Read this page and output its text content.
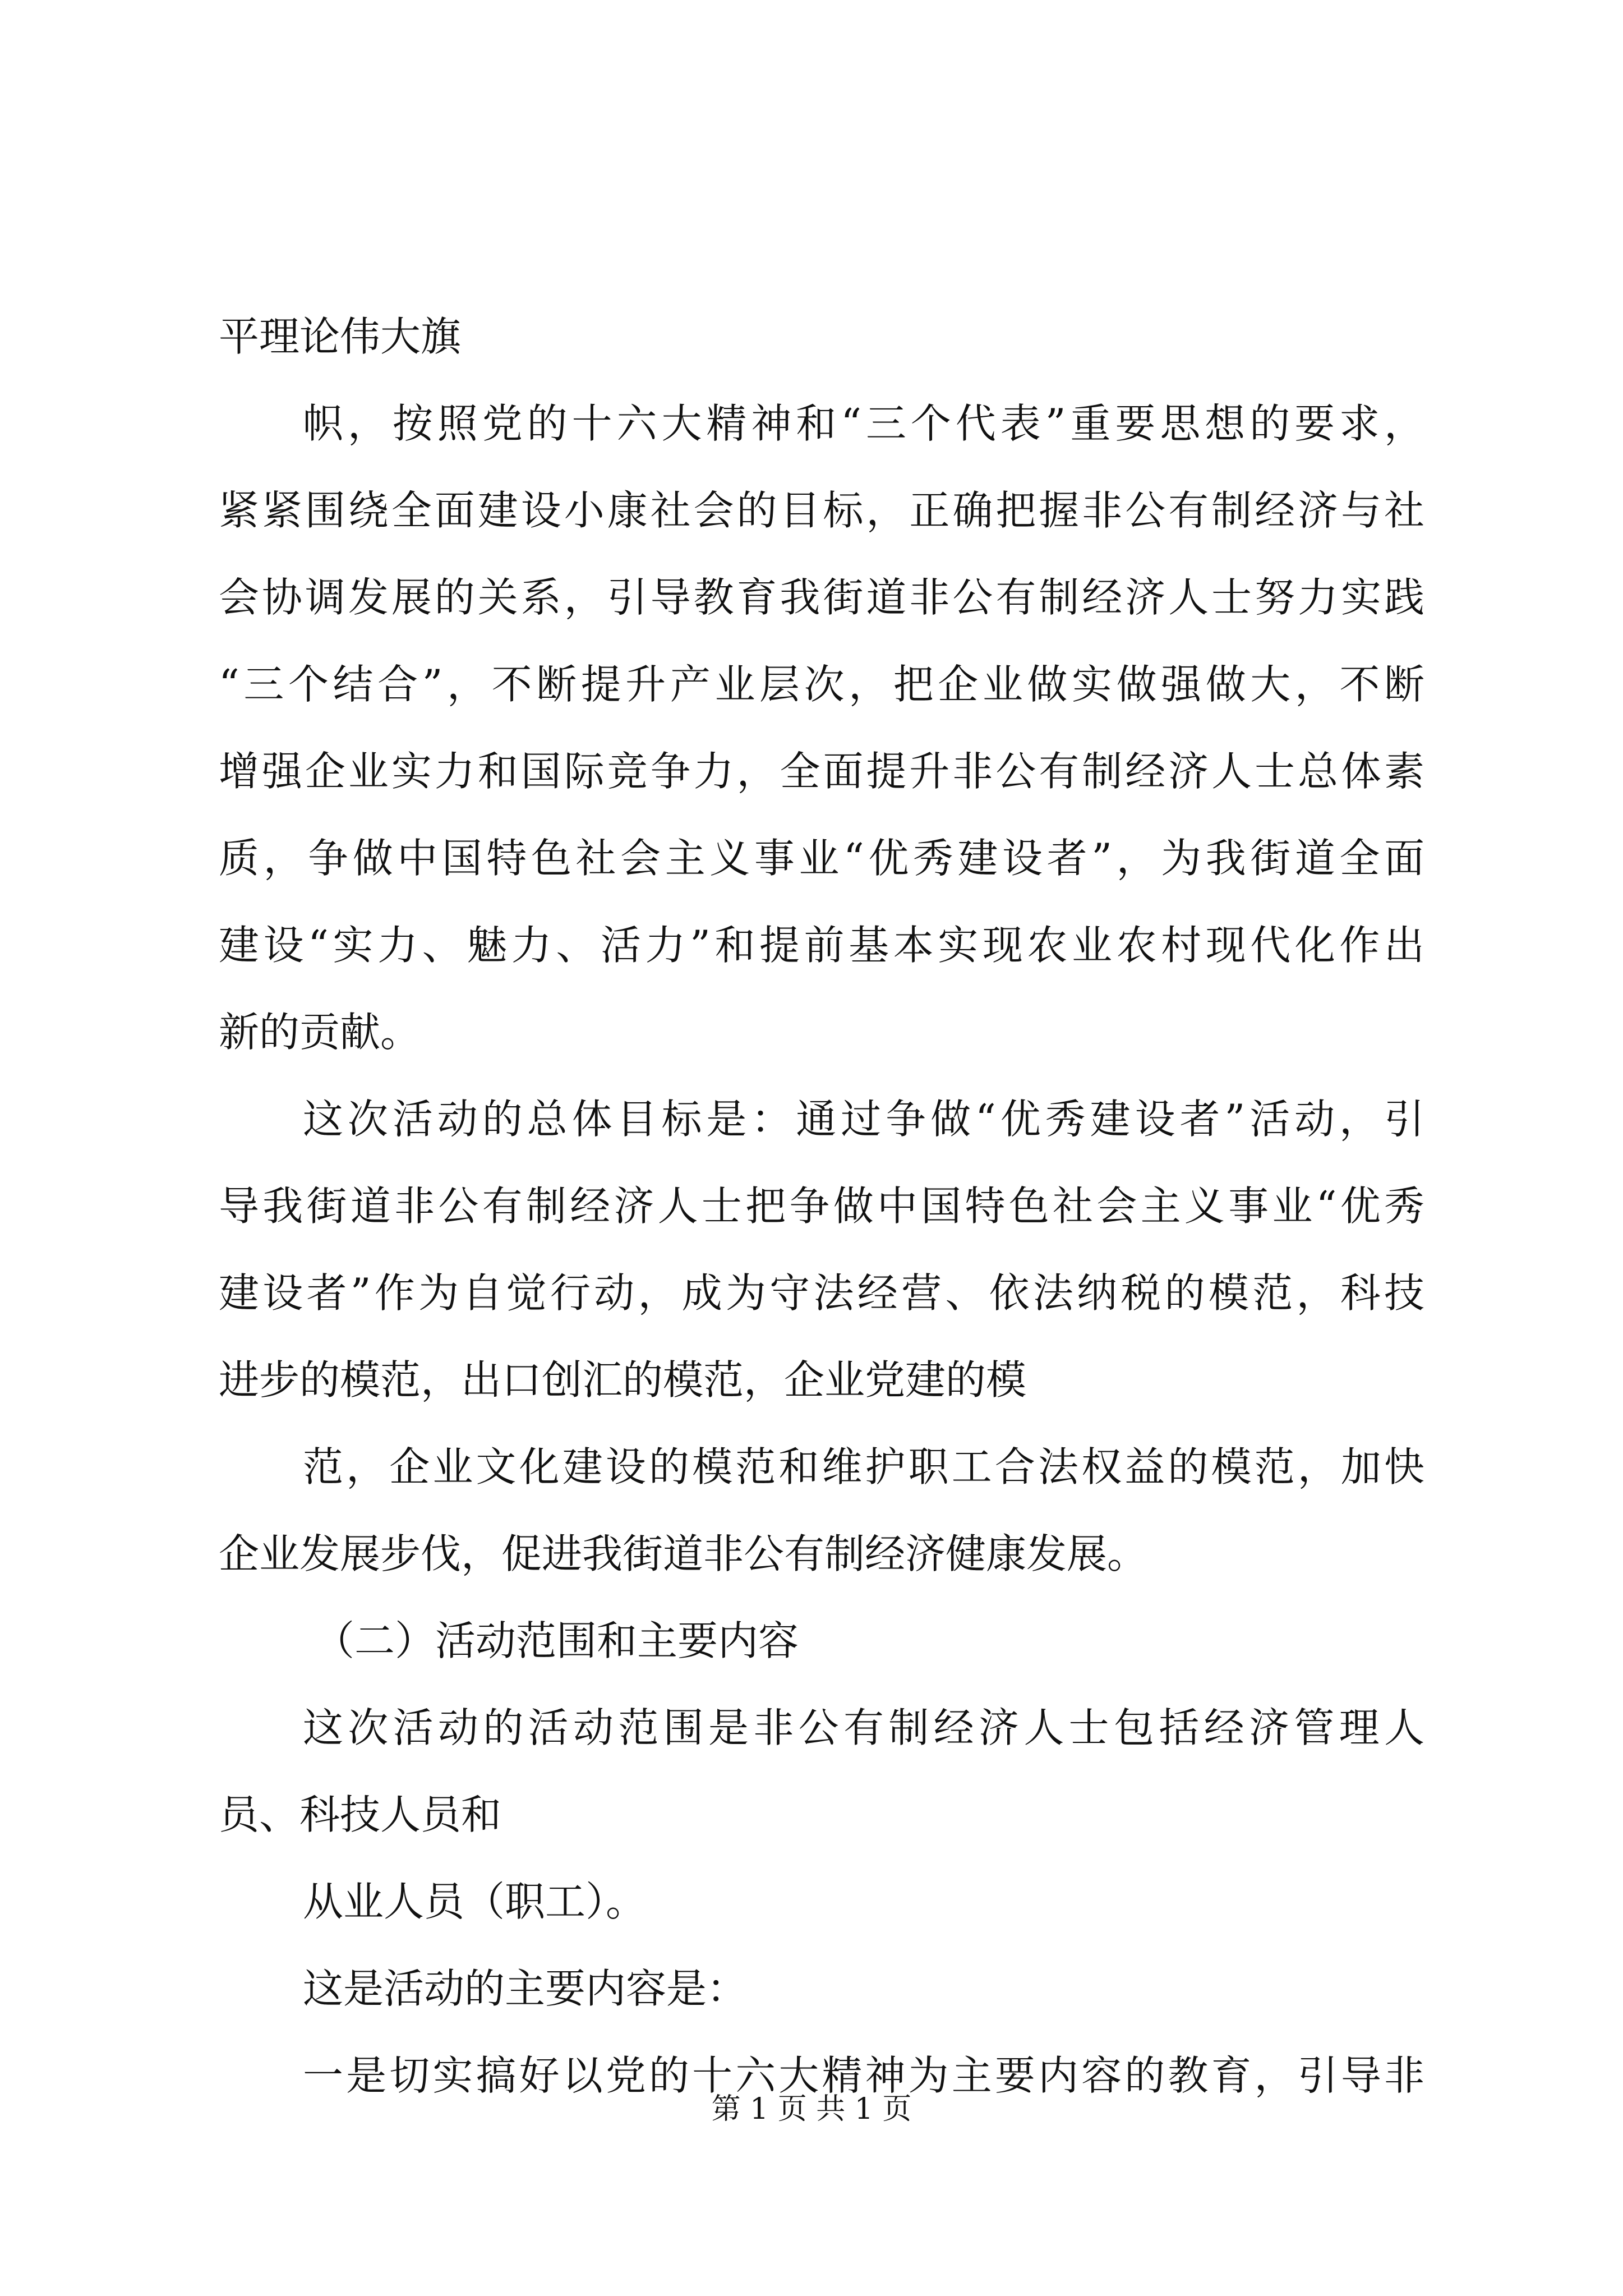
平理论伟大旗
帜，按照党的十六大精神和“三个代表”重要思想的要求，
紧紧围绕全面建设小康社会的目标，正确把握非公有制经济与社
会协调发展的关系，引导教育我街道非公有制经济人士努力实践
“三个结合”，不断提升产业层次，把企业做实做强做大，不断
增强企业实力和国际竞争力，全面提升非公有制经济人士总体素
质，争做中国特色社会主义事业“优秀建设者”，为我街道全面
建设“实力、魅力、活力”和提前基本实现农业农村现代化作出
新的贡献。
这次活动的总体目标是：通过争做“优秀建设者”活动，引
导我街道非公有制经济人士把争做中国特色社会主义事业“优秀
建设者”作为自觉行动，成为守法经营、依法纳税的模范，科技
进步的模范，出口创汇的模范，企业党建的模
范，企业文化建设的模范和维护职工合法权益的模范，加快
企业发展步伐，促进我街道非公有制经济健康发展。
（二）活动范围和主要内容
这次活动的活动范围是非公有制经济人士包括经济管理人
员、科技人员和
从业人员（职工）。
这是活动的主要内容是：
一是切实搞好以党的十六大精神为主要内容的教育，引导非
第 1 页 共 1 页
